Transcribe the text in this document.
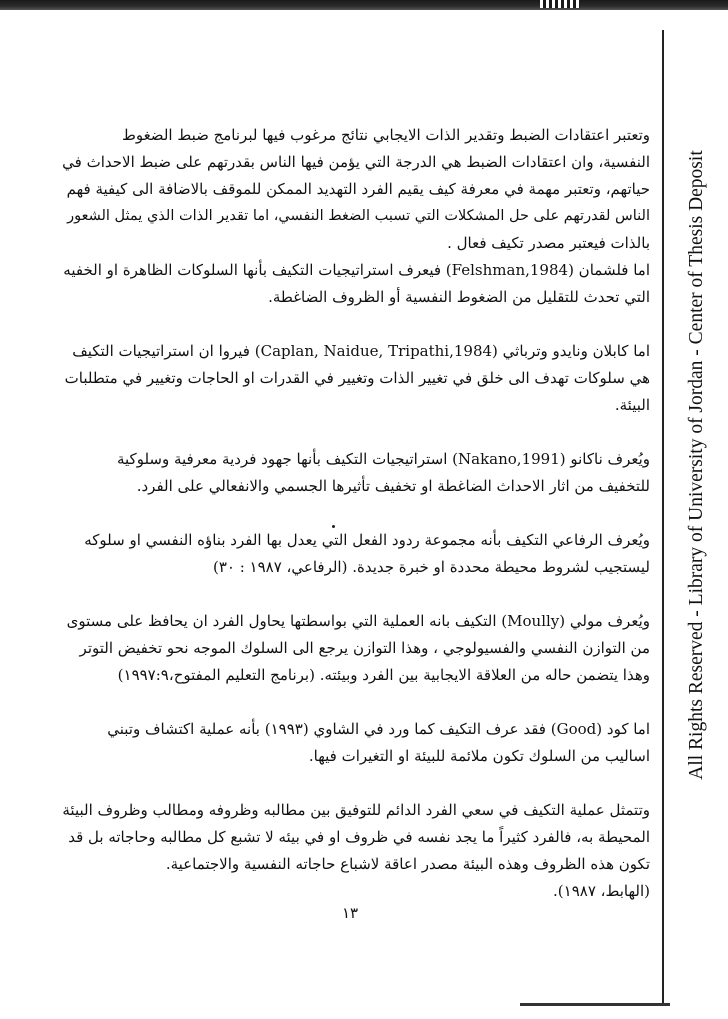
All Rights Reserved - Library of University of Jordan - Center of Thesis Deposit

وتعتبر اعتقادات الضبط وتقدير الذات الايجابي نتائج مرغوب فيها لبرنامج ضبط الضغوط
النفسية، وان اعتقادات الضبط هي الدرجة التي يؤمن فيها الناس بقدرتهم على ضبط الاحداث في
حياتهم، وتعتبر مهمة في معرفة كيف يقيم الفرد التهديد الممكن للموقف بالاضافة الى كيفية فهم
الناس لقدرتهم على حل المشكلات التي تسبب الضغط النفسي، اما تقدير الذات الذي يمثل الشعور
بالذات فيعتبر مصدر تكيف فعال .

اما فلشمان (Felshman,1984) فيعرف استراتيجيات التكيف بأنها السلوكات الظاهرة او الخفيه
التي تحدث للتقليل من الضغوط النفسية أو الظروف الضاغطة.

اما كابلان ونايدو وترباثي (Caplan, Naidue, Tripathi,1984) فيروا ان استراتيجيات التكيف
هي سلوكات تهدف الى خلق في تغيير الذات وتغيير في القدرات او الحاجات وتغيير في متطلبات
البيئة.

ويُعرف ناكانو (Nakano,1991) استراتيجيات التكيف بأنها جهود فردية معرفية وسلوكية
للتخفيف من اثار الاحداث الضاغطة او تخفيف تأثيرها الجسمي والانفعالي على الفرد.

ويُعرف الرفاعي التكيف بأنه مجموعة ردود الفعل التي يعدل بها الفرد بناؤه النفسي او سلوكه
ليستجيب لشروط محيطة محددة او خبرة جديدة. (الرفاعي، ١٩٨٧ : ٣٠)

ويُعرف مولي (Moully) التكيف بانه العملية التي بواسطتها يحاول الفرد ان يحافظ على مستوى
من التوازن النفسي والفسيولوجي ، وهذا التوازن يرجع الى السلوك الموجه نحو تخفيض التوتر
وهذا يتضمن حاله من العلاقة الايجابية بين الفرد وبيئته. (برنامج التعليم المفتوح،١٩٩٧:٩)

اما كود (Good) فقد عرف التكيف كما ورد في الشاوي (١٩٩٣) بأنه عملية اكتشاف وتبني
اساليب من السلوك تكون ملائمة للبيئة او التغيرات فيها.

وتتمثل عملية التكيف في سعي الفرد الدائم للتوفيق بين مطالبه وظروفه ومطالب وظروف البيئة
المحيطة به، فالفرد كثيراً ما يجد نفسه في ظروف او في بيئه لا تشبع كل مطالبه وحاجاته بل قد
تكون هذه الظروف وهذه البيئة مصدر اعاقة لاشباع حاجاته النفسية والاجتماعية.
(الهابط، ١٩٨٧).

١٣
